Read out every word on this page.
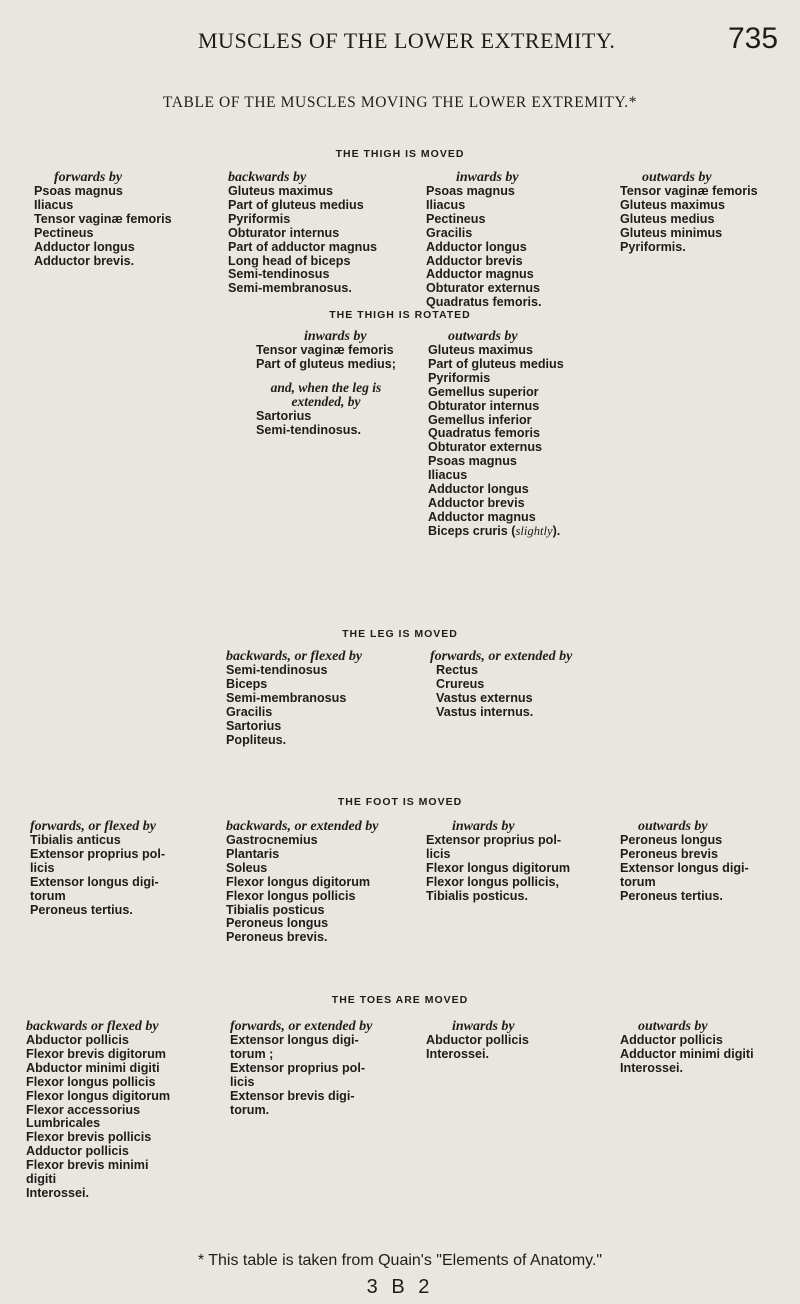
MUSCLES OF THE LOWER EXTREMITY.	735
TABLE OF THE MUSCLES MOVING THE LOWER EXTREMITY.*
THE THIGH IS MOVED
forwards by
Psoas magnus
Iliacus
Tensor vaginæ femoris
Pectineus
Adductor longus
Adductor brevis.
backwards by
Gluteus maximus
Part of gluteus medius
Pyriformis
Obturator internus
Part of adductor magnus
Long head of biceps
Semi-tendinosus
Semi-membranosus.
inwards by
Psoas magnus
Iliacus
Pectineus
Gracilis
Adductor longus
Adductor brevis
Adductor magnus
Obturator externus
Quadratus femoris.
outwards by
Tensor vaginæ femoris
Gluteus maximus
Gluteus medius
Gluteus minimus
Pyriformis.
THE THIGH IS ROTATED
inwards by
Tensor vaginæ femoris
Part of gluteus medius;
and, when the leg is
extended, by
Sartorius
Semi-tendinosus.
outwards by
Gluteus maximus
Part of gluteus medius
Pyriformis
Gemellus superior
Obturator internus
Gemellus inferior
Quadratus femoris
Obturator externus
Psoas magnus
Iliacus
Adductor longus
Adductor brevis
Adductor magnus
Biceps cruris (slightly).
THE LEG IS MOVED
backwards, or flexed by
Semi-tendinosus
Biceps
Semi-membranosus
Gracilis
Sartorius
Popliteus.
forwards, or extended by
Rectus
Crureus
Vastus externus
Vastus internus.
THE FOOT IS MOVED
forwards, or flexed by
Tibialis anticus
Extensor proprius pol-
licis
Extensor longus digi-
torum
Peroneus tertius.
backwards, or extended by
Gastrocnemius
Plantaris
Soleus
Flexor longus digitorum
Flexor longus pollicis
Tibialis posticus
Peroneus longus
Peroneus brevis.
inwards by
Extensor proprius pol-
licis
Flexor longus digitorum
Flexor longus pollicis,
Tibialis posticus.
outwards by
Peroneus longus
Peroneus brevis
Extensor longus digi-
torum
Peroneus tertius.
THE TOES ARE MOVED
backwards or flexed by
Abductor pollicis
Flexor brevis digitorum
Abductor minimi digiti
Flexor longus pollicis
Flexor longus digitorum
Flexor accessorius
Lumbricales
Flexor brevis pollicis
Adductor pollicis
Flexor brevis minimi
digiti
Interossei.
forwards, or extended by
Extensor longus digi-
torum ;
Extensor proprius pol-
licis
Extensor brevis digi-
torum.
inwards by
Abductor pollicis
Interossei.
outwards by
Adductor pollicis
Adductor minimi digiti
Interossei.
* This table is taken from Quain's "Elements of Anatomy."
3 B 2
